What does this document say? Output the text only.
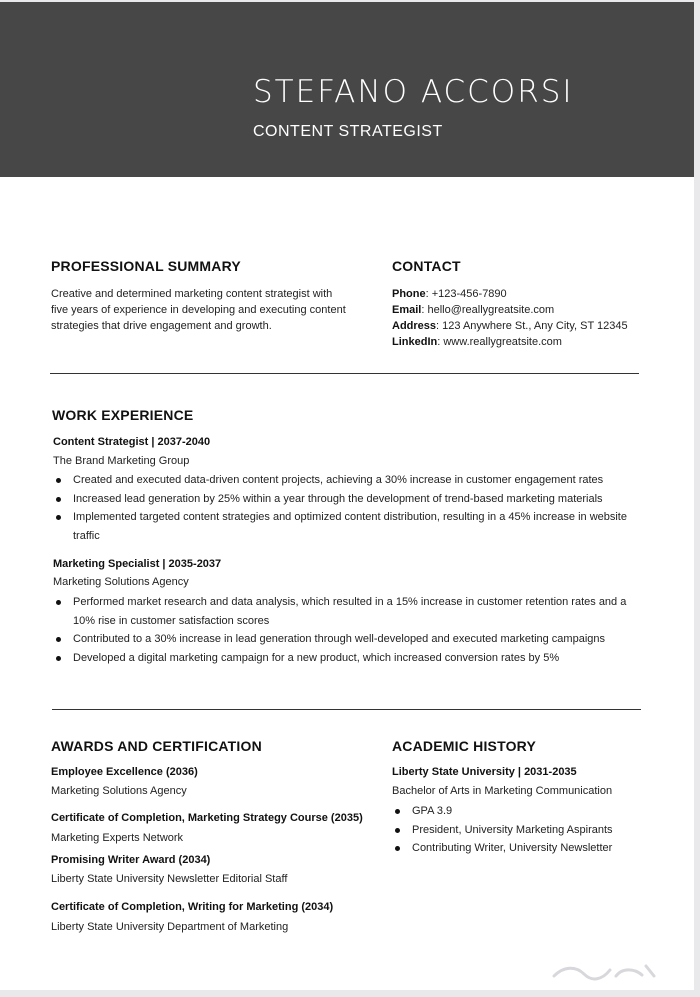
STEFANO ACCORSI
CONTENT STRATEGIST
PROFESSIONAL SUMMARY
Creative and determined marketing content strategist with five years of experience in developing and executing content strategies that drive engagement and growth.
CONTACT
Phone: +123-456-7890
Email: hello@reallygreatsite.com
Address: 123 Anywhere St., Any City, ST 12345
LinkedIn: www.reallygreatsite.com
WORK EXPERIENCE
Content Strategist | 2037-2040
The Brand Marketing Group
Created and executed data-driven content projects, achieving a 30% increase in customer engagement rates
Increased lead generation by 25% within a year through the development of trend-based marketing materials
Implemented targeted content strategies and optimized content distribution, resulting in a 45% increase in website traffic
Marketing Specialist | 2035-2037
Marketing Solutions Agency
Performed market research and data analysis, which resulted in a 15% increase in customer retention rates and a 10% rise in customer satisfaction scores
Contributed to a 30% increase in lead generation through well-developed and executed marketing campaigns
Developed a digital marketing campaign for a new product, which increased conversion rates by 5%
AWARDS AND CERTIFICATION
Employee Excellence (2036)
Marketing Solutions Agency
Certificate of Completion, Marketing Strategy Course (2035)
Marketing Experts Network
Promising Writer Award (2034)
Liberty State University Newsletter Editorial Staff
Certificate of Completion, Writing for Marketing (2034)
Liberty State University Department of Marketing
ACADEMIC HISTORY
Liberty State University | 2031-2035
Bachelor of Arts in Marketing Communication
GPA 3.9
President, University Marketing Aspirants
Contributing Writer, University Newsletter
